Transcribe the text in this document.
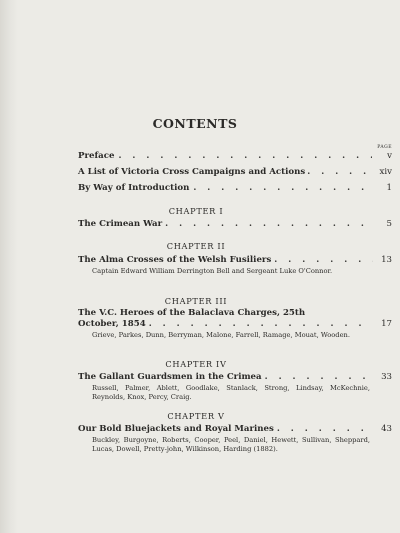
CONTENTS
PAGE
Preface . . .	v
A List of Victoria Cross Campaigns and Actions . . .	xiv
By Way of Introduction . . .	1
CHAPTER I
The Crimean War . . .	5
CHAPTER II
The Alma Crosses of the Welsh Fusiliers . . .	13
Captain Edward William Derrington Bell and Sergeant Luke O'Connor.
CHAPTER III
The V.C. Heroes of the Balaclava Charges, 25th
October, 1854 . . .	17
Grieve, Parkes, Dunn, Berryman, Malone, Farrell, Ramage, Mouat, Wooden.
CHAPTER IV
The Gallant Guardsmen in the Crimea . . .	33
Russell, Palmer, Ablett, Goodlake, Stanlack, Strong, Lindsay, McKechnie, Reynolds, Knox, Percy, Craig.
CHAPTER V
Our Bold Bluejackets and Royal Marines . . .	43
Buckley, Burgoyne, Roberts, Cooper, Peel, Daniel, Hewett, Sullivan, Sheppard, Lucas, Dowell, Pretty-john, Wilkinson, Harding (1882).
